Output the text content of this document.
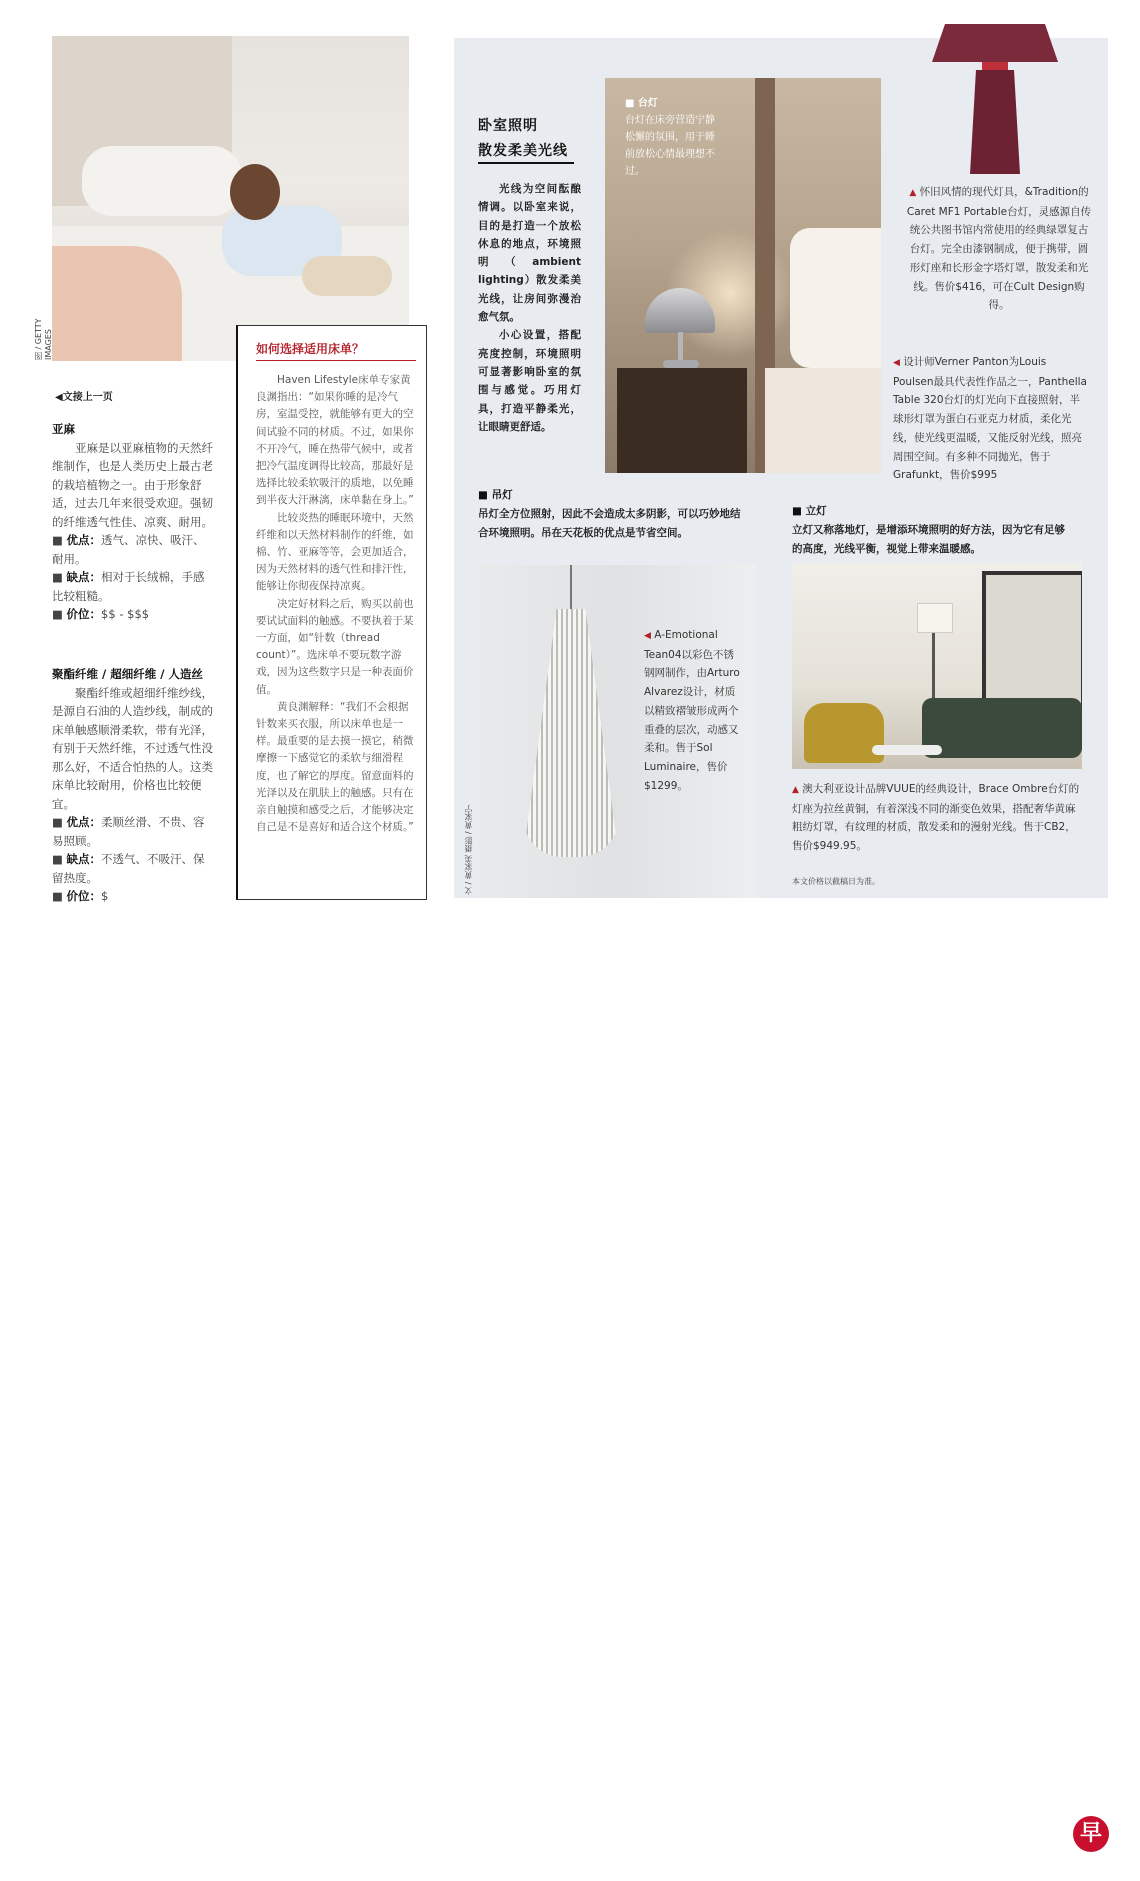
图 / GETTY IMAGES
◀文接上一页
亚麻
亚麻是以亚麻植物的天然纤维制作，也是人类历史上最古老的栽培植物之一。由于形象舒适，过去几年来很受欢迎。强韧的纤维透气性佳、凉爽、耐用。
■ 优点：透气、凉快、吸汗、耐用。
■ 缺点：相对于长绒棉，手感比较粗糙。
■ 价位：$$ - $$$
聚酯纤维 / 超细纤维 / 人造丝
聚酯纤维或超细纤维纱线，是源自石油的人造纱线，制成的床单触感顺滑柔软，带有光泽，有别于天然纤维，不过透气性没那么好，不适合怕热的人。这类床单比较耐用，价格也比较便宜。
■ 优点：柔顺丝滑、不贵、容易照顾。
■ 缺点：不透气、不吸汗、保留热度。
■ 价位：$
如何选择适用床单？

Haven Lifestyle床单专家黄良渊指出：“如果你睡的是冷气房，室温受控，就能够有更大的空间试验不同的材质。不过，如果你不开冷气，睡在热带气候中，或者把冷气温度调得比较高，那最好是选择比较柔软吸汗的质地，以免睡到半夜大汗淋漓，床单黏在身上。”

比较炎热的睡眠环境中，天然纤维和以天然材料制作的纤维，如棉、竹、亚麻等等，会更加适合，因为天然材料的透气性和排汗性，能够让你彻夜保持凉爽。

决定好材料之后，购买以前也要试试面料的触感。不要执着于某一方面，如“针数（thread count）”。选床单不要玩数字游戏，因为这些数字只是一种表面价值。

黄良渊解释：“我们不会根据针数来买衣服，所以床单也是一样。最重要的是去摸一摸它，稍微摩擦一下感觉它的柔软与细滑程度，也了解它的厚度。留意面料的光泽以及在肌肤上的触感。只有在亲自触摸和感受之后，才能够决定自己是不是喜好和适合这个材质。”

卧室照明
散发柔美光线

光线为空间酝酿情调。以卧室来说，目的是打造一个放松休息的地点，环境照明（ambient lighting）散发柔美光线，让房间弥漫治愈气氛。

小心设置，搭配亮度控制，环境照明可显著影响卧室的氛围与感觉。巧用灯具，打造平静柔光，让眼睛更舒适。

■ 台灯
台灯在床旁营造宁静松懈的氛围，用于睡前放松心情最理想不过。
▲ 怀旧风情的现代灯具，&Tradition的Caret MF1 Portable台灯，灵感源自传统公共图书馆内常使用的经典绿罩复古台灯。完全由漆钢制成，便于携带，圆形灯座和长形金字塔灯罩，散发柔和光线。售价$416，可在Cult Design购得。
◀ 设计师Verner Panton为Louis Poulsen最具代表性作品之一，Panthella Table 320台灯的灯光向下直接照射，半球形灯罩为蛋白石亚克力材质，柔化光线，使光线更温暖，又能反射光线，照亮周围空间。有多种不同抛光，售于Grafunkt，售价$995
■ 吊灯
吊灯全方位照射，因此不会造成太多阴影，可以巧妙地结合环境照明。吊在天花板的优点是节省空间。
■ 立灯
立灯又称落地灯，是增添环境照明的好方法，因为它有足够的高度，光线平衡，视觉上带来温暖感。
◀ A-Emotional Tean04以彩色不锈钢网制作，由Arturo Alvarez设计，材质以精致褶皱形成两个重叠的层次，动感又柔和。售于Sol Luminaire，售价$1299。
文 / 黄家美 摄影 / 黄家宁
▲ 澳大利亚设计品牌VUUE的经典设计，Brace Ombre台灯的灯座为拉丝黄铜，有着深浅不同的渐变色效果，搭配奢华黄麻粗纺灯罩，有纹理的材质，散发柔和的漫射光线。售于CB2，售价$949.95。
本文价格以截稿日为准。
早
